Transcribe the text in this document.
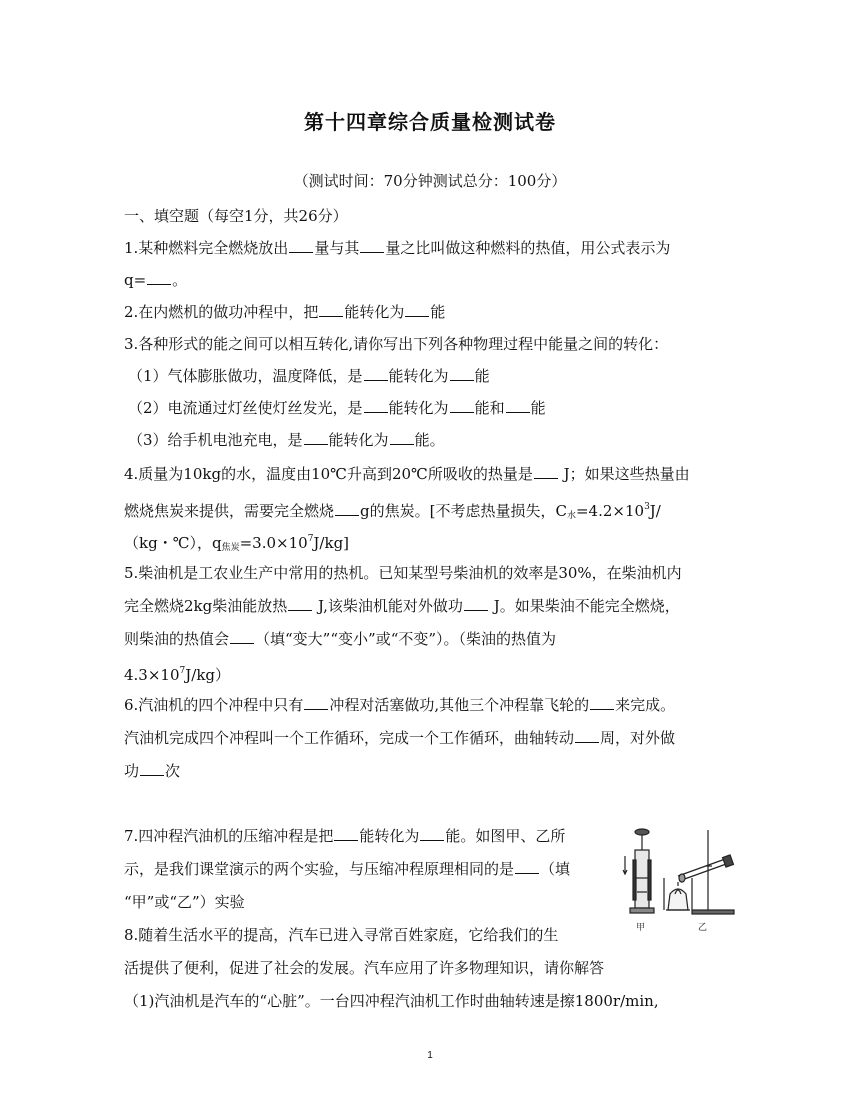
第十四章综合质量检测试卷
（测试时间：70分钟测试总分：100分）
一、填空题（每空1分，共26分）
1.某种燃料完全燃烧放出 量与其 量之比叫做这种燃料的热值，用公式表示为
q= 。
2.在内燃机的做功冲程中，把 能转化为 能
3.各种形式的能之间可以相互转化,请你写出下列各种物理过程中能量之间的转化：
（1）气体膨胀做功，温度降低，是 能转化为 能
（2）电流通过灯丝使灯丝发光，是 能转化为 能和 能
（3）给手机电池充电，是 能转化为 能。
4.质量为10kg的水，温度由10℃升高到20℃所吸收的热量是 J；如果这些热量由
燃烧焦炭来提供，需要完全燃烧 g的焦炭。[不考虑热量损失，$C_水=4.2\times 10^3J/$
（kg・℃），$q_{焦炭}=3.0\times 10^7J/kg$]
5.柴油机是工农业生产中常用的热机。已知某型号柴油机的效率是30%，在柴油机内
完全燃烧2kg柴油能放热 J,该柴油机能对外做功 J。如果柴油不能完全燃烧，
则柴油的热值会 （填“变大”“变小”或“不变”）。（柴油的热值为
$4.3\times 10^7J/kg$）
6.汽油机的四个冲程中只有 冲程对活塞做功,其他三个冲程靠飞轮的 来完成。
汽油机完成四个冲程叫一个工作循环，完成一个工作循环，曲轴转动 周，对外做
功 次
7.四冲程汽油机的压缩冲程是把 能转化为 能。如图甲、乙所
示，是我们课堂演示的两个实验，与压缩冲程原理相同的是 （填
“甲”或“乙”）实验
8.随着生活水平的提高，汽车已进入寻常百姓家庭，它给我们的生
活提供了便利，促进了社会的发展。汽车应用了许多物理知识，请你解答
（1)汽油机是汽车的“心脏”。一台四冲程汽油机工作时曲轴转速是擦1800r/min,
甲	乙
1
